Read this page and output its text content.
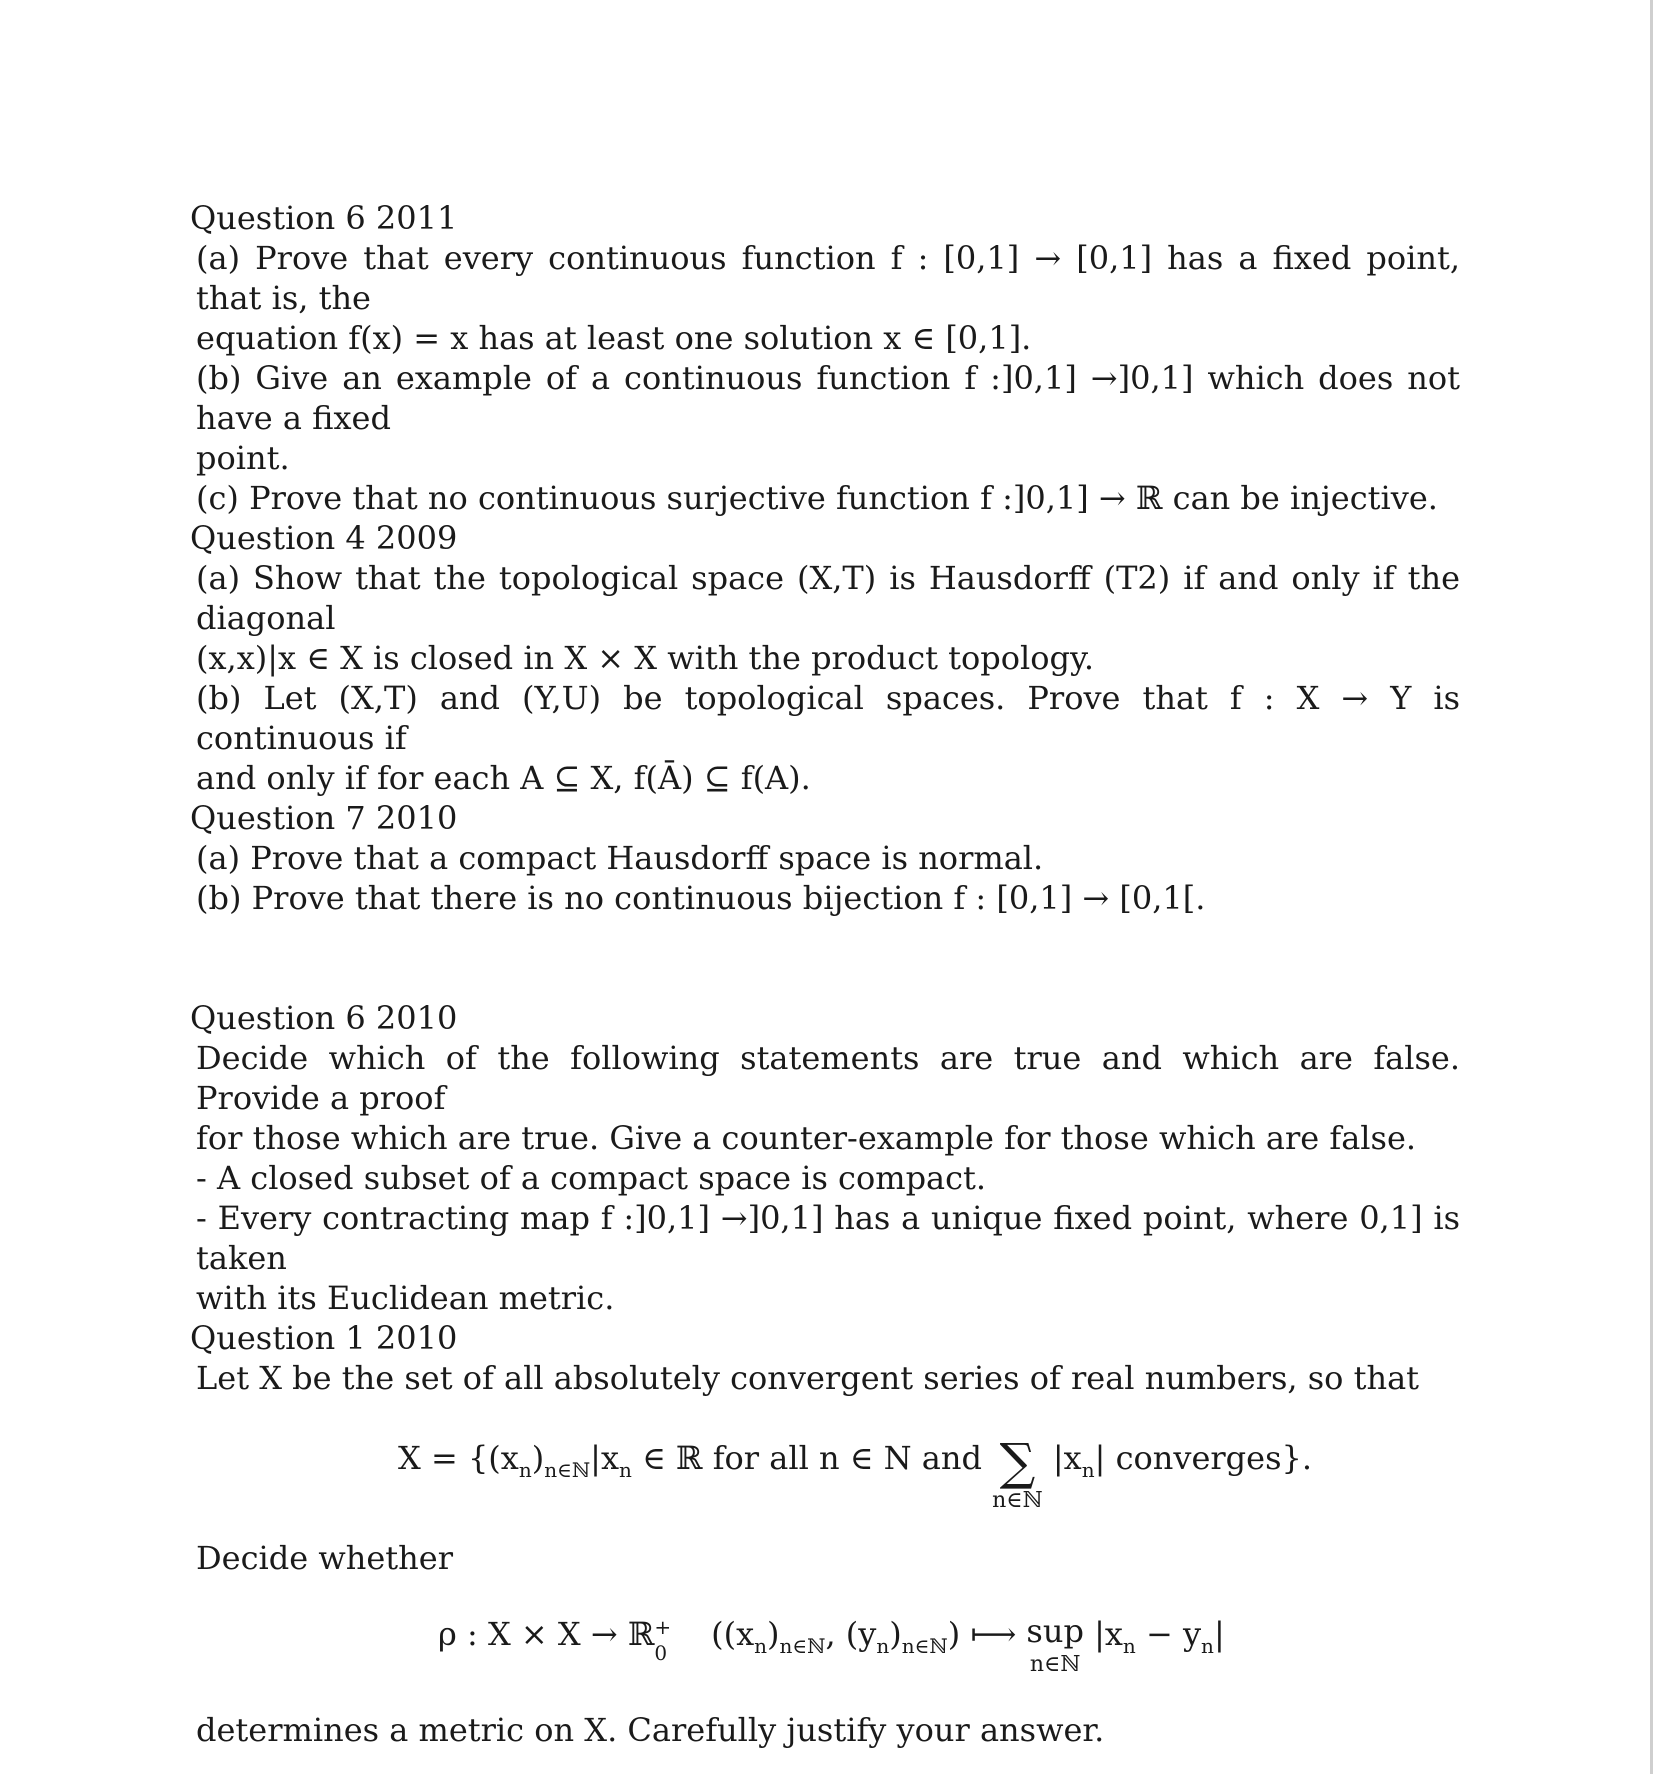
Question 6 2011
(a) Prove that every continuous function f : [0,1] → [0,1] has a fixed point, that is, the
equation f(x) = x has at least one solution x ∈ [0,1].
(b) Give an example of a continuous function f :]0,1] →]0,1] which does not have a fixed
point.
(c) Prove that no continuous surjective function f :]0,1] → ℝ can be injective.
Question 4 2009
(a) Show that the topological space (X,T) is Hausdorff (T2) if and only if the diagonal
(x,x)|x ∈ X is closed in X × X with the product topology.
(b) Let (X,T) and (Y,U) be topological spaces. Prove that f : X → Y is continuous if
and only if for each A ⊆ X, f(Ā) ⊆ f(A).
Question 7 2010
(a) Prove that a compact Hausdorff space is normal.
(b) Prove that there is no continuous bijection f : [0,1] → [0,1[.
Question 6 2010
Decide which of the following statements are true and which are false. Provide a proof
for those which are true. Give a counter-example for those which are false.
- A closed subset of a compact space is compact.
- Every contracting map f :]0,1] →]0,1] has a unique fixed point, where 0,1] is taken
with its Euclidean metric.
Question 1 2010
Let X be the set of all absolutely convergent series of real numbers, so that
$X = \{(x_n)_{n\in ℕ}|x_n$ ∈ ℝ for all n ∈ N and ∑
n∈ℕ
$|x_n|$ converges}.
Decide whether
ρ : X × X → ℝ +
0 ($(x_n)_{n\in ℕ}$, $(y_n)_{n\in ℕ}$) ⟼ sup
n∈ℕ
$|x_n - y_n|$
determines a metric on X. Carefully justify your answer.
